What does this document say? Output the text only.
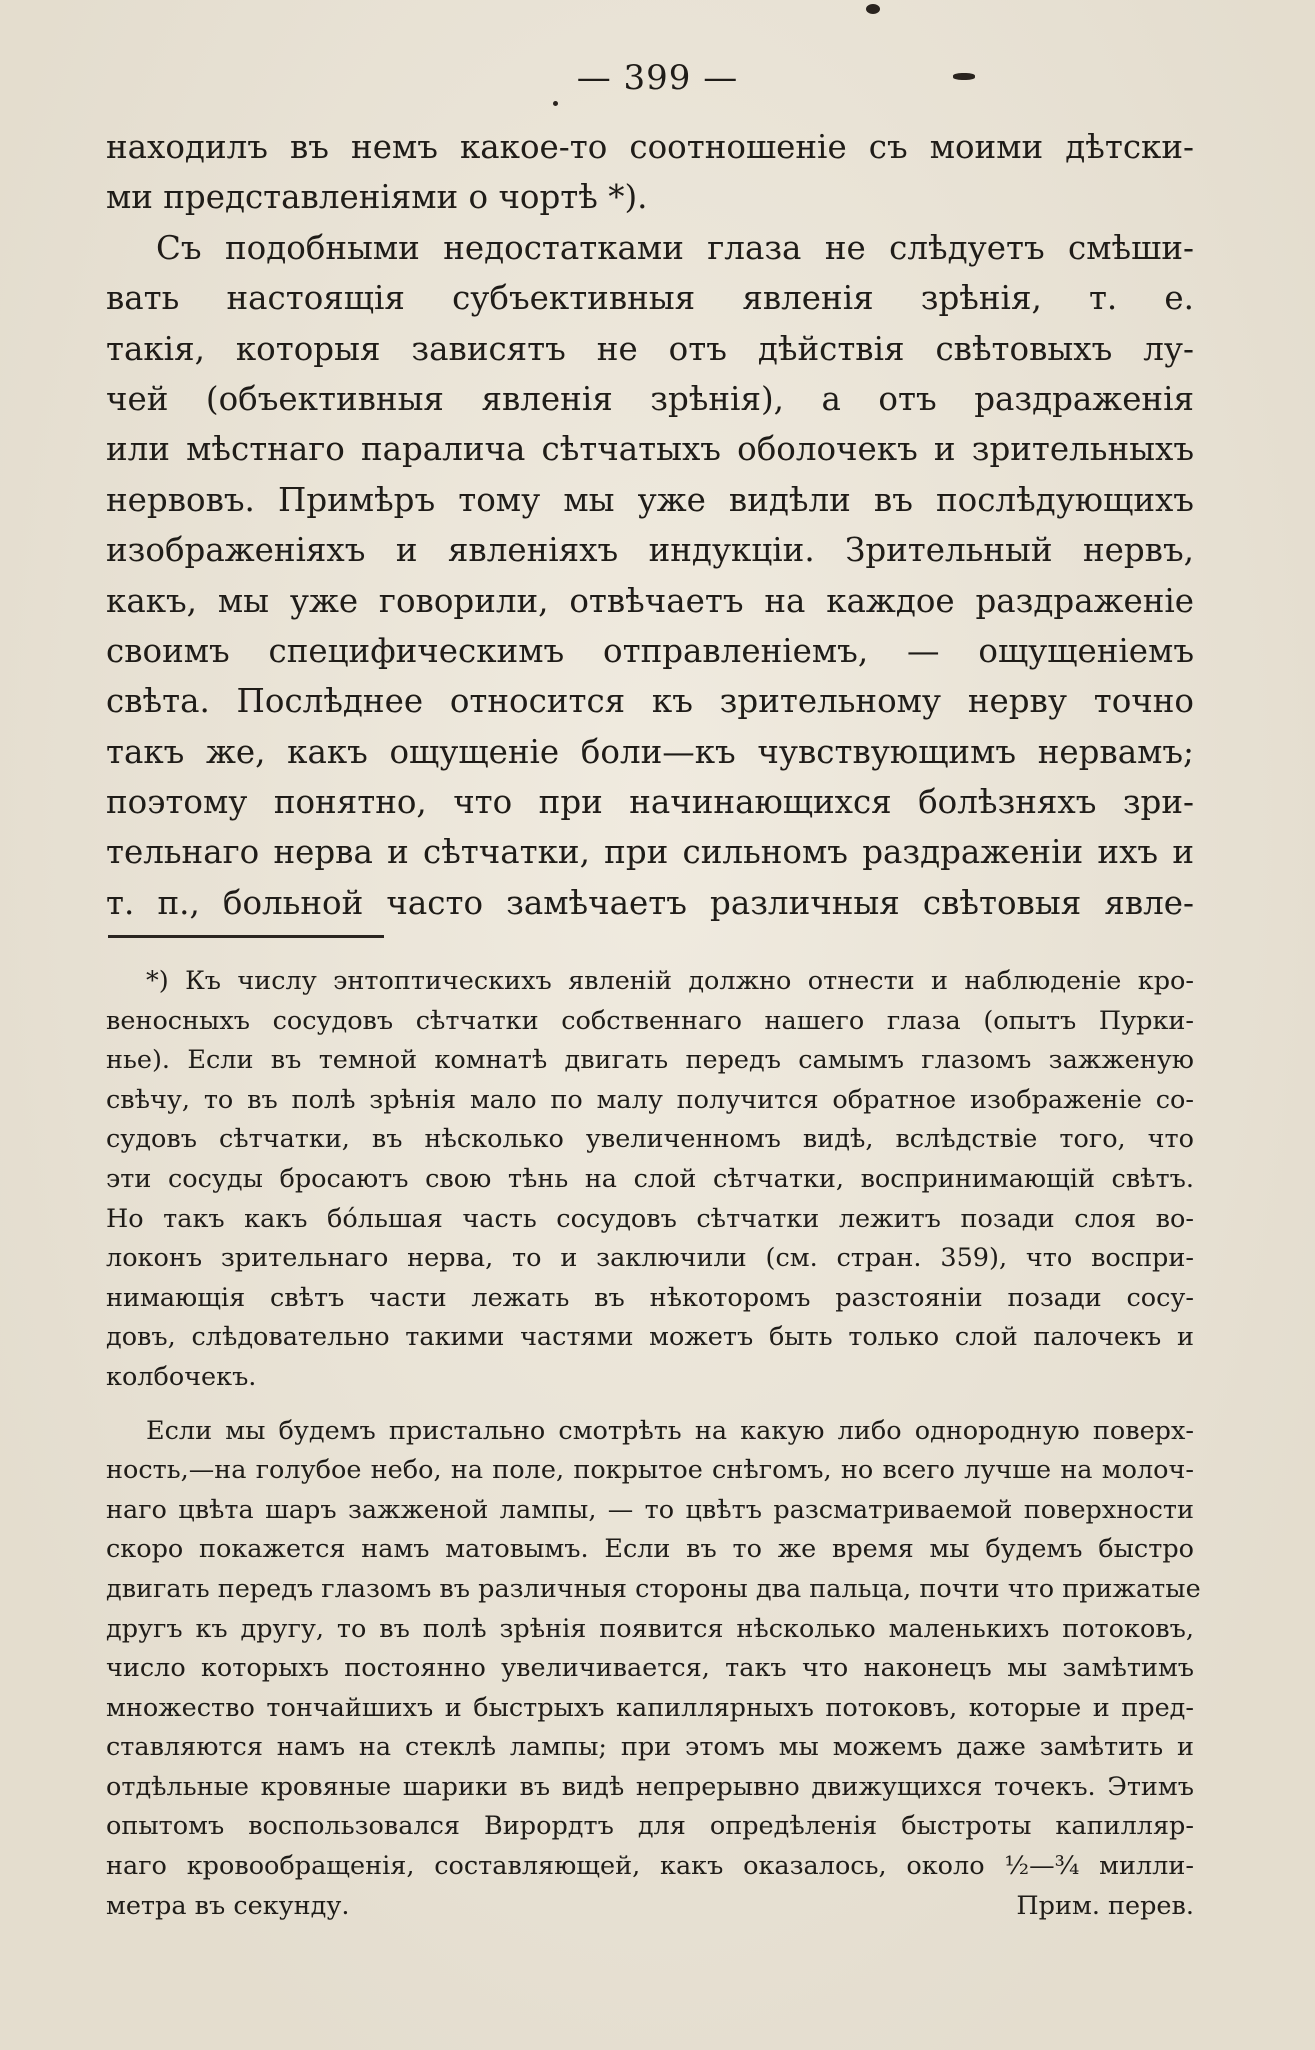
— 399 —
находилъ въ немъ какое-то соотношеніе съ моими дѣтски-
ми представленіями о чортѣ *).
Съ подобными недостатками глаза не слѣдуетъ смѣши-
вать настоящія субъективныя явленія зрѣнія, т. е.
такія, которыя зависятъ не отъ дѣйствія свѣтовыхъ лу-
чей (объективныя явленія зрѣнія), а отъ раздраженія
или мѣстнаго паралича сѣтчатыхъ оболочекъ и зрительныхъ
нервовъ. Примѣръ тому мы уже видѣли въ послѣдующихъ
изображеніяхъ и явленіяхъ индукціи. Зрительный нервъ,
какъ, мы уже говорили, отвѣчаетъ на каждое раздраженіе
своимъ специфическимъ отправленіемъ, — ощущеніемъ
свѣта. Послѣднее относится къ зрительному нерву точно
такъ же, какъ ощущеніе боли—къ чувствующимъ нервамъ;
поэтому понятно, что при начинающихся болѣзняхъ зри-
тельнаго нерва и сѣтчатки, при сильномъ раздраженіи ихъ и
т. п., больной часто замѣчаетъ различныя свѣтовыя явле-
*) Къ числу энтоптическихъ явленій должно отнести и наблюденіе кро-
веносныхъ сосудовъ сѣтчатки собственнаго нашего глаза (опытъ Пурки-
нье). Если въ темной комнатѣ двигать передъ самымъ глазомъ зажженую
свѣчу, то въ полѣ зрѣнія мало по малу получится обратное изображеніе со-
судовъ сѣтчатки, въ нѣсколько увеличенномъ видѣ, вслѣдствіе того, что
эти сосуды бросаютъ свою тѣнь на слой сѣтчатки, воспринимающій свѣтъ.
Но такъ какъ бо́льшая часть сосудовъ сѣтчатки лежитъ позади слоя во-
локонъ зрительнаго нерва, то и заключили (см. стран. 359), что воспри-
нимающія свѣтъ части лежать въ нѣкоторомъ разстояніи позади сосу-
довъ, слѣдовательно такими частями можетъ быть только слой палочекъ и
колбочекъ.
Если мы будемъ пристально смотрѣть на какую либо однородную поверх-
ность,—на голубое небо, на поле, покрытое снѣгомъ, но всего лучше на молоч-
наго цвѣта шаръ зажженой лампы, — то цвѣтъ разсматриваемой поверхности
скоро покажется намъ матовымъ. Если въ то же время мы будемъ быстро
двигать передъ глазомъ въ различныя стороны два пальца, почти что прижатые
другъ къ другу, то въ полѣ зрѣнія появится нѣсколько маленькихъ потоковъ,
число которыхъ постоянно увеличивается, такъ что наконецъ мы замѣтимъ
множество тончайшихъ и быстрыхъ капиллярныхъ потоковъ, которые и пред-
ставляются намъ на стеклѣ лампы; при этомъ мы можемъ даже замѣтить и
отдѣльные кровяные шарики въ видѣ непрерывно движущихся точекъ. Этимъ
опытомъ воспользовался Вирордтъ для опредѣленія быстроты капилляр-
наго кровообращенія, составляющей, какъ оказалось, около ½—¾ милли-
метра въ секунду.	Прим. перев.
